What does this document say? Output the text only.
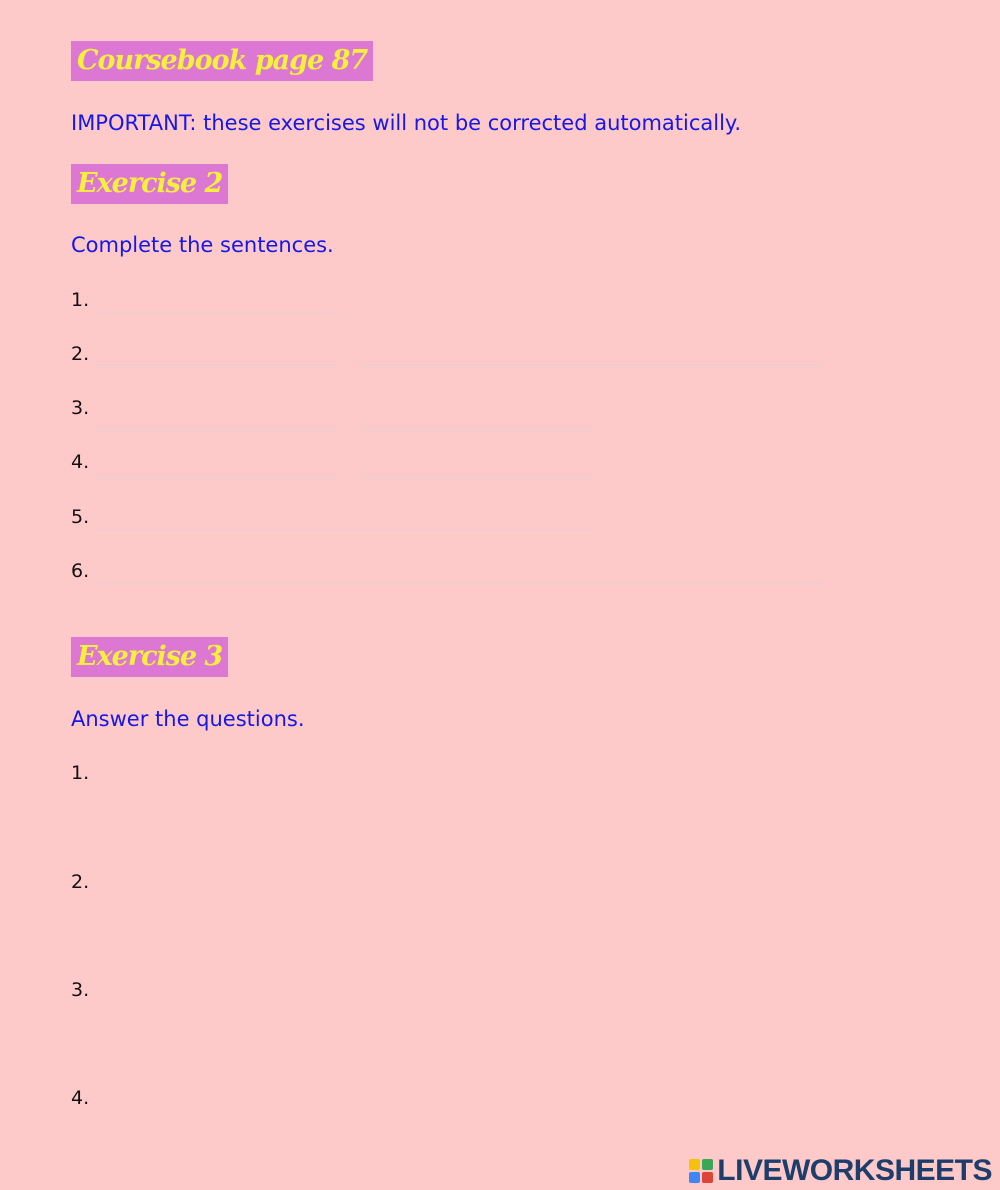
Coursebook page 87
IMPORTANT: these exercises will not be corrected automatically.
Exercise 2
Complete the sentences.
1.
2.
3.
4.
5.
6.
Exercise 3
Answer the questions.
1.
2.
3.
4.
LIVEWORKSHEETS
